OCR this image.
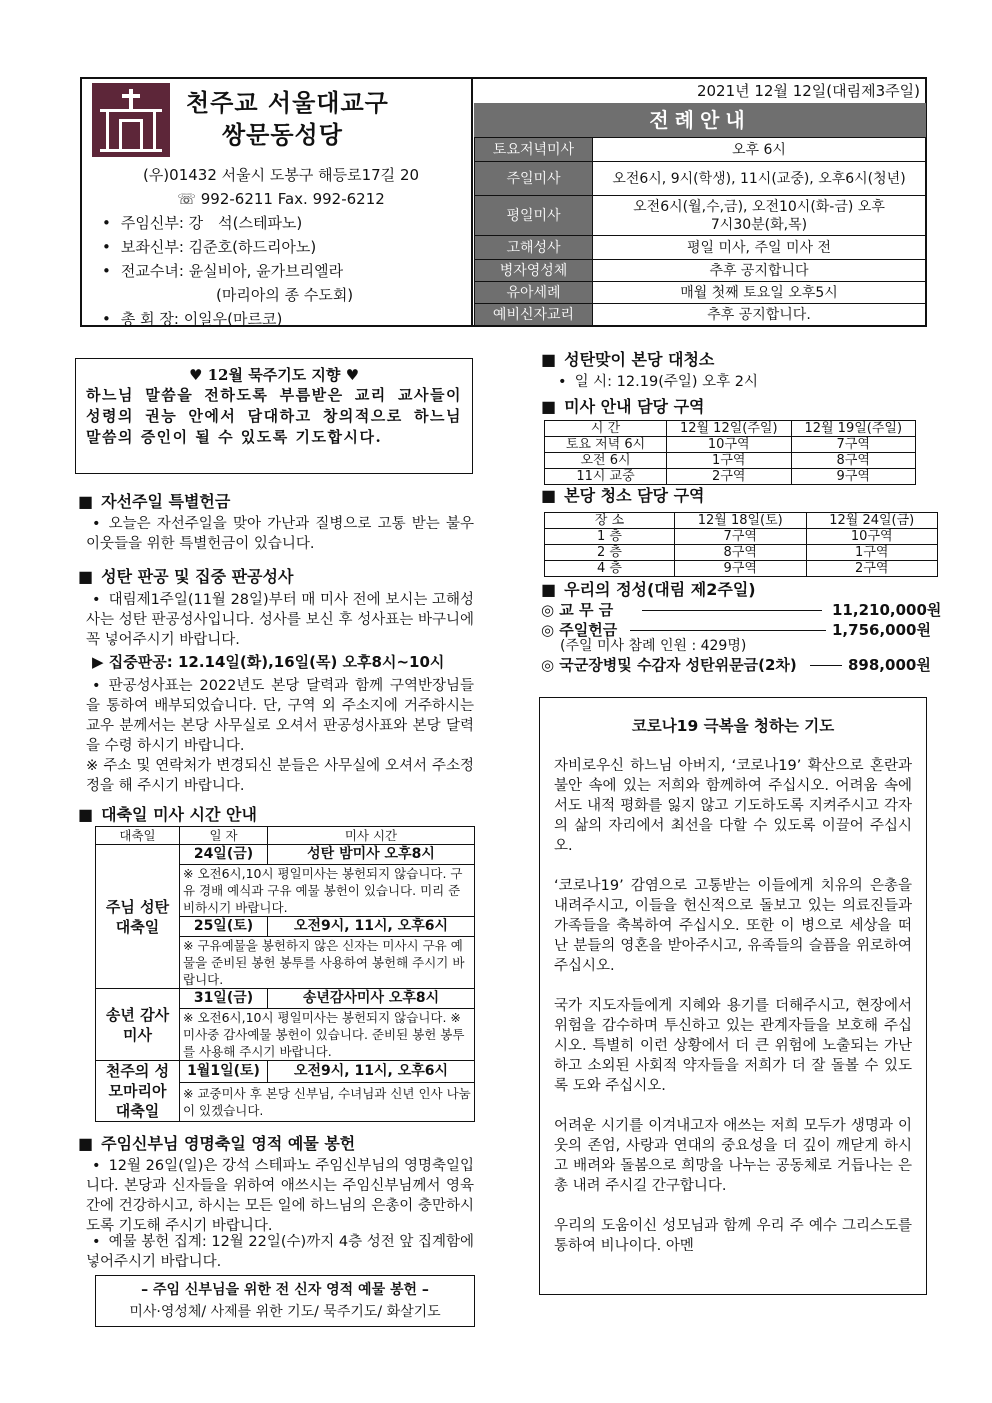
천주교 서울대교구
쌍문동성당
(우)01432 서울시 도봉구 해등로17길 20
☏ 992-6211 Fax. 992-6212
• 주임신부: 강　석(스테파노)
• 보좌신부: 김준호(하드리아노)
• 전교수녀: 윤실비아, 윤가브리엘라
(마리아의 종 수도회)
• 총 회 장: 이일우(마르코)
2021년 12월 12일(대림제3주일)
전례안내
토요저녁미사	오후 6시
주일미사	오전6시, 9시(학생), 11시(교중), 오후6시(청년)
평일미사	오전6시(월,수,금), 오전10시(화-금) 오후7시30분(화,목)
고해성사	평일 미사, 주일 미사 전
병자영성체	추후 공지합니다
유아세례	매월 첫째 토요일 오후5시
예비신자교리	추후 공지합니다.
♥ 12월 묵주기도 지향 ♥
하느님 말씀을 전하도록 부름받은 교리 교사들이 성령의 권능 안에서 담대하고 창의적으로 하느님 말씀의 증인이 될 수 있도록 기도합시다.
■ 자선주일 특별헌금
• 오늘은 자선주일을 맞아 가난과 질병으로 고통 받는 불우이웃들을 위한 특별헌금이 있습니다.
■ 성탄 판공 및 집중 판공성사
• 대림제1주일(11월 28일)부터 매 미사 전에 보시는 고해성사는 성탄 판공성사입니다. 성사를 보신 후 성사표는 바구니에 꼭 넣어주시기 바랍니다.
▶ 집중판공: 12.14일(화),16일(목) 오후8시~10시
• 판공성사표는 2022년도 본당 달력과 함께 구역반장님들을 통하여 배부되었습니다. 단, 구역 외 주소지에 거주하시는 교우 분께서는 본당 사무실로 오셔서 판공성사표와 본당 달력을 수령 하시기 바랍니다.
※ 주소 및 연락처가 변경되신 분들은 사무실에 오셔서 주소정정을 해 주시기 바랍니다.
■ 대축일 미사 시간 안내
대축일	일 자	미사 시간
주님 성탄 대축일	24일(금)	성탄 밤미사 오후8시
	※ 오전6시,10시 평일미사는 봉헌되지 않습니다. 구유 경배 예식과 구유 예물 봉헌이 있습니다. 미리 준비하시기 바랍니다.	
	25일(토)	오전9시, 11시, 오후6시
	※ 구유예물을 봉헌하지 않은 신자는 미사시 구유 예물을 준비된 봉헌 봉투를 사용하여 봉헌해 주시기 바랍니다.	
송년 감사미사	31일(금)	송년감사미사 오후8시
	※ 오전6시,10시 평일미사는 봉헌되지 않습니다. ※ 미사중 감사예물 봉헌이 있습니다. 준비된 봉헌 봉투를 사용해 주시기 바랍니다.	
천주의 성모마리아 대축일	1월1일(토)	오전9시, 11시, 오후6시
	※ 교중미사 후 본당 신부님, 수녀님과 신년 인사 나눔이 있겠습니다.	
■ 주임신부님 영명축일 영적 예물 봉헌
• 12월 26일(일)은 강석 스테파노 주임신부님의 영명축일입니다. 본당과 신자들을 위하여 애쓰시는 주임신부님께서 영육 간에 건강하시고, 하시는 모든 일에 하느님의 은총이 충만하시도록 기도해 주시기 바랍니다.
• 예물 봉헌 집계: 12월 22일(수)까지 4층 성전 앞 집계함에 넣어주시기 바랍니다.
– 주임 신부님을 위한 전 신자 영적 예물 봉헌 –
미사·영성체/ 사제를 위한 기도/ 묵주기도/ 화살기도
■ 성탄맞이 본당 대청소
• 일 시: 12.19(주일) 오후 2시
■ 미사 안내 담당 구역
시 간	12월 12일(주일)	12월 19일(주일)
토요 저녁 6시	10구역	7구역
오전 6시	1구역	8구역
11시 교중	2구역	9구역
■ 본당 청소 담당 구역
장 소	12월 18일(토)	12월 24일(금)
1 층	7구역	10구역
2 층	8구역	1구역
4 층	9구역	2구역
■ 우리의 정성(대림 제2주일)
◎ 교 무 금	11,210,000원
◎ 주일헌금	1,756,000원
(주일 미사 참례 인원 : 429명)
◎ 국군장병및 수감자 성탄위문금(2차)	898,000원
코로나19 극복을 청하는 기도

자비로우신 하느님 아버지, ‘코로나19’ 확산으로 혼란과 불안 속에 있는 저희와 함께하여 주십시오. 어려움 속에서도 내적 평화를 잃지 않고 기도하도록 지켜주시고 각자의 삶의 자리에서 최선을 다할 수 있도록 이끌어 주십시오.

‘코로나19’ 감염으로 고통받는 이들에게 치유의 은총을 내려주시고, 이들을 헌신적으로 돌보고 있는 의료진들과 가족들을 축복하여 주십시오. 또한 이 병으로 세상을 떠난 분들의 영혼을 받아주시고, 유족들의 슬픔을 위로하여 주십시오.

국가 지도자들에게 지혜와 용기를 더해주시고, 현장에서 위험을 감수하며 투신하고 있는 관계자들을 보호해 주십시오. 특별히 이런 상황에서 더 큰 위험에 노출되는 가난하고 소외된 사회적 약자들을 저희가 더 잘 돌볼 수 있도록 도와 주십시오.

어려운 시기를 이겨내고자 애쓰는 저희 모두가 생명과 이웃의 존엄, 사랑과 연대의 중요성을 더 깊이 깨닫게 하시고 배려와 돌봄으로 희망을 나누는 공동체로 거듭나는 은총 내려 주시길 간구합니다.

우리의 도움이신 성모님과 함께 우리 주 예수 그리스도를 통하여 비나이다. 아멘
